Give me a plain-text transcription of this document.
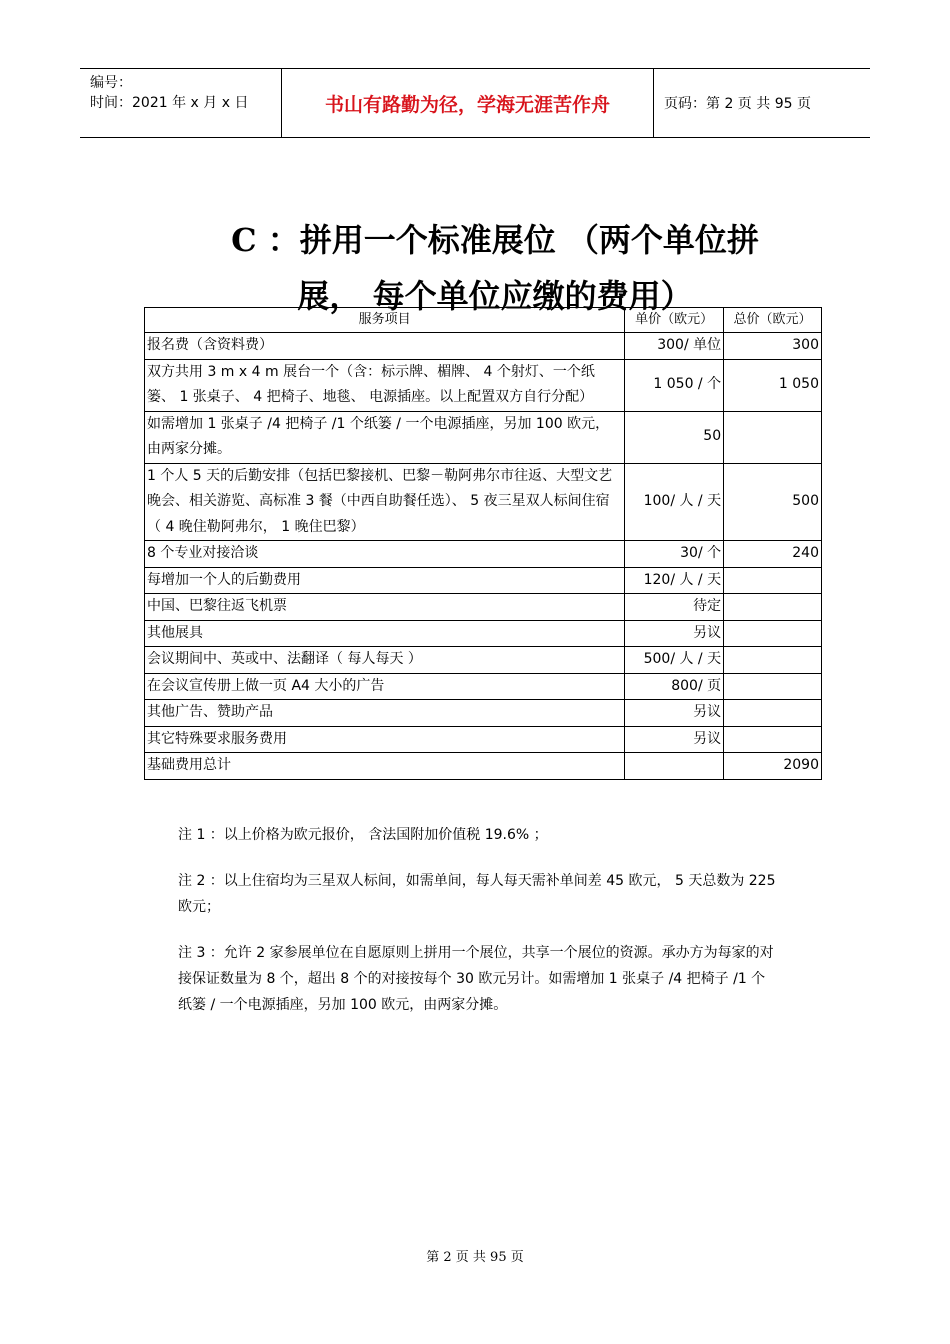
编号：
时间：2021 年 x 月 x 日	书山有路勤为径，学海无涯苦作舟	页码：第 2 页 共 95 页
C ：拼用一个标准展位 （两个单位拼
展， 每个单位应缴的费用）
服务项目	单价（欧元）	总价（欧元）
报名费（含资料费）	300/ 单位	300
双方共用 3 m x 4 m 展台一个（含：标示牌、楣牌、 4 个射灯、一个纸篓、 1 张桌子、 4 把椅子、地毯、 电源插座。以上配置双方自行分配）	1 050 / 个	1 050
如需增加 1 张桌子 /4 把椅子 /1 个纸篓 / 一个电源插座，另加 100 欧元， 由两家分摊。	50	
1 个人 5 天的后勤安排（包括巴黎接机、巴黎－勒阿弗尔市往返、大型文艺晚会、相关游览、高标准 3 餐（中西自助餐任选）、 5 夜三星双人标间住宿（ 4 晚住勒阿弗尔， 1 晚住巴黎）	100/ 人 / 天	500
8 个专业对接洽谈	30/ 个	240
每增加一个人的后勤费用	120/ 人 / 天	
中国、巴黎往返飞机票	待定	
其他展具	另议	
会议期间中、英或中、法翻译（ 每人每天 ）	500/ 人 / 天	
在会议宣传册上做一页 A4 大小的广告	800/ 页	
其他广告、赞助产品	另议	
其它特殊要求服务费用	另议	
基础费用总计		2090

注 1 ：以上价格为欧元报价， 含法国附加价值税 19.6% ；

注 2 ：以上住宿均为三星双人标间，如需单间，每人每天需补单间差 45 欧元， 5 天总数为 225 欧元；

注 3 ：允许 2 家参展单位在自愿原则上拼用一个展位，共享一个展位的资源。承办方为每家的对接保证数量为 8 个，超出 8 个的对接按每个 30 欧元另计。如需增加 1 张桌子 /4 把椅子 /1 个纸篓 / 一个电源插座，另加 100 欧元，由两家分摊。

第 2 页 共 95 页
